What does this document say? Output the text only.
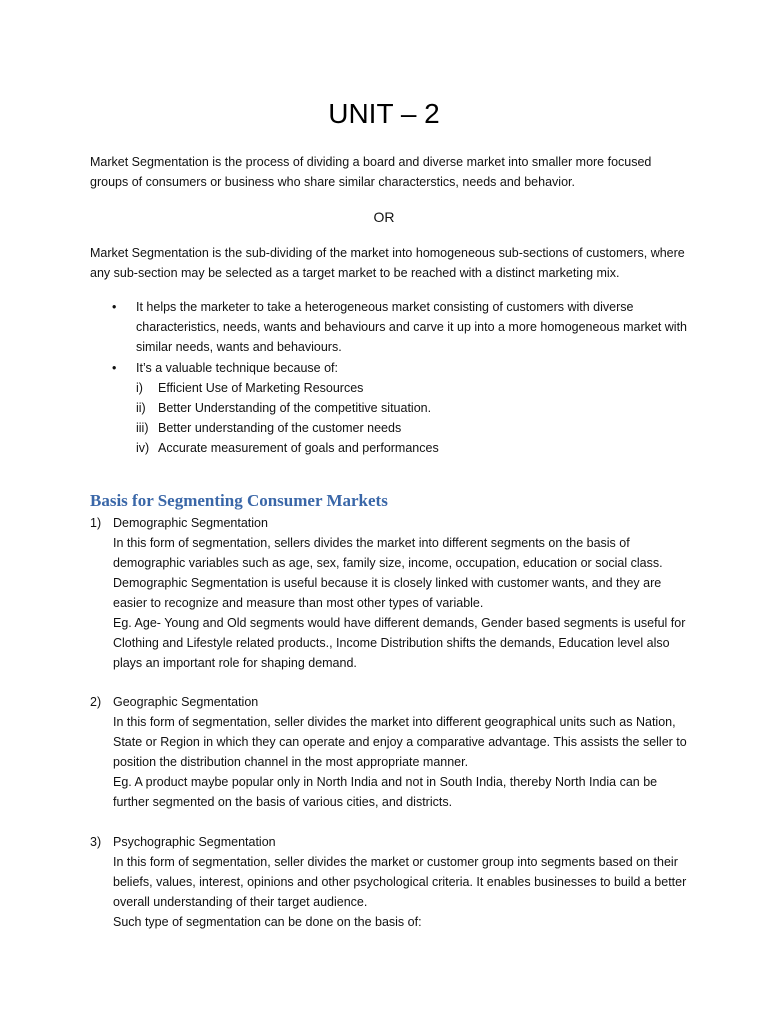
UNIT – 2
Market Segmentation is the process of dividing a board and diverse market into smaller more focused groups of consumers or business who share similar characterstics, needs and behavior.
OR
Market Segmentation is the sub-dividing of the market into homogeneous sub-sections of customers, where any sub-section may be selected as a target market to be reached with a distinct marketing mix.
• It helps the marketer to take a heterogeneous market consisting of customers with diverse characteristics, needs, wants and behaviours and carve it up into a more homogeneous market with similar needs, wants and behaviours.
• It’s a valuable technique because of:
i) Efficient Use of Marketing Resources
ii) Better Understanding of the competitive situation.
iii) Better understanding of the customer needs
iv) Accurate measurement of goals and performances
Basis for Segmenting Consumer Markets
1) Demographic Segmentation

In this form of segmentation, sellers divides the market into different segments on the basis of demographic variables such as age, sex, family size, income, occupation, education or social class.

Demographic Segmentation is useful because it is closely linked with customer wants, and they are easier to recognize and measure than most other types of variable.

Eg. Age- Young and Old segments would have different demands, Gender based segments is useful for Clothing and Lifestyle related products., Income Distribution shifts the demands, Education level also plays an important role for shaping demand.

2) Geographic Segmentation

In this form of segmentation, seller divides the market into different geographical units such as Nation, State or Region in which they can operate and enjoy a comparative advantage. This assists the seller to position the distribution channel in the most appropriate manner.

Eg. A product maybe popular only in North India and not in South India, thereby North India can be further segmented on the basis of various cities, and districts.

3) Psychographic Segmentation

In this form of segmentation, seller divides the market or customer group into segments based on their beliefs, values, interest, opinions and other psychological criteria. It enables businesses to build a better overall understanding of their target audience.

Such type of segmentation can be done on the basis of:
